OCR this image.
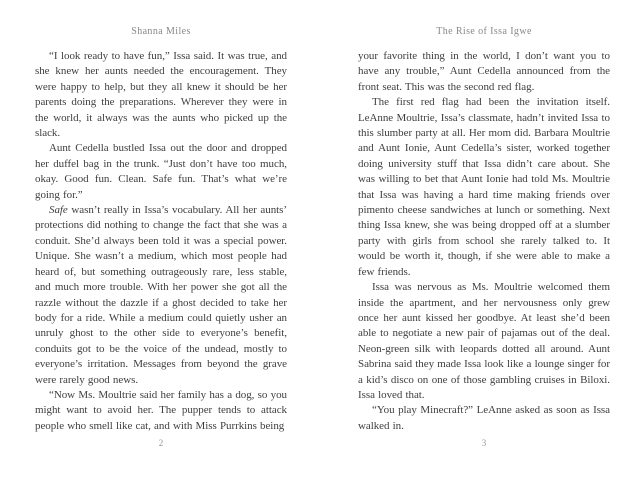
Shanna Miles

“I look ready to have fun,” Issa said. It was true, and she knew her aunts needed the encouragement. They were happy to help, but they all knew it should be her parents doing the preparations. Wherever they were in the world, it always was the aunts who picked up the slack.

Aunt Cedella bustled Issa out the door and dropped her duffel bag in the trunk. “Just don’t have too much, okay. Good fun. Clean. Safe fun. That’s what we’re going for.”

Safe wasn’t really in Issa’s vocabulary. All her aunts’ protections did nothing to change the fact that she was a conduit. She’d always been told it was a special power. Unique. She wasn’t a medium, which most people had heard of, but something outrageously rare, less stable, and much more trouble. With her power she got all the razzle without the dazzle if a ghost decided to take her body for a ride. While a medium could quietly usher an unruly ghost to the other side to everyone’s benefit, conduits got to be the voice of the undead, mostly to everyone’s irritation. Messages from beyond the grave were rarely good news.

“Now Ms. Moultrie said her family has a dog, so you might want to avoid her. The pupper tends to attack people who smell like cat, and with Miss Purrkins being

2
The Rise of Issa Igwe

your favorite thing in the world, I don’t want you to have any trouble,” Aunt Cedella announced from the front seat. This was the second red flag.

The first red flag had been the invitation itself. LeAnne Moultrie, Issa’s classmate, hadn’t invited Issa to this slumber party at all. Her mom did. Barbara Moultrie and Aunt Ionie, Aunt Cedella’s sister, worked together doing university stuff that Issa didn’t care about. She was willing to bet that Aunt Ionie had told Ms. Moultrie that Issa was having a hard time making friends over pimento cheese sandwiches at lunch or something. Next thing Issa knew, she was being dropped off at a slumber party with girls from school she rarely talked to. It would be worth it, though, if she were able to make a few friends.

Issa was nervous as Ms. Moultrie welcomed them inside the apartment, and her nervousness only grew once her aunt kissed her goodbye. At least she’d been able to negotiate a new pair of pajamas out of the deal. Neon-green silk with leopards dotted all around. Aunt Sabrina said they made Issa look like a lounge singer for a kid’s disco on one of those gambling cruises in Biloxi. Issa loved that.

“You play Minecraft?” LeAnne asked as soon as Issa walked in.

3
